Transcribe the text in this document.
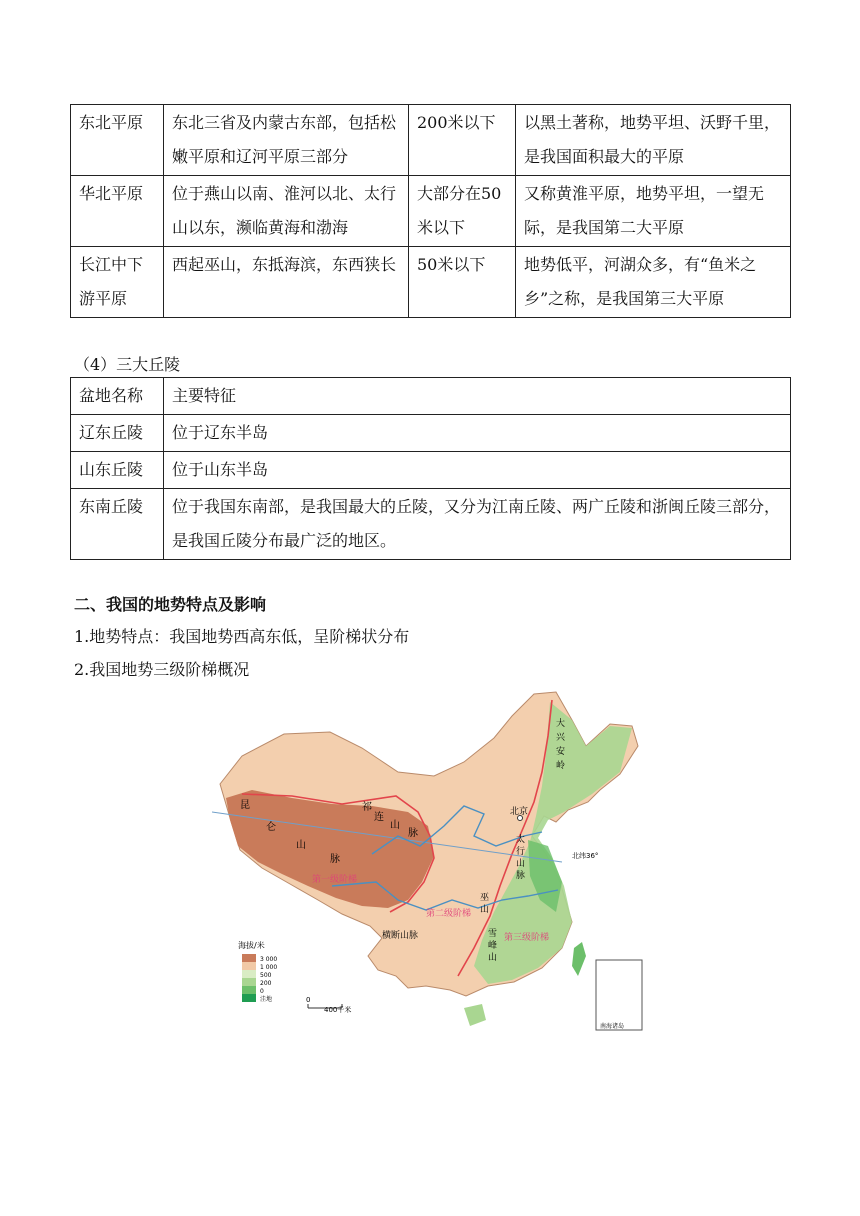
东北平原	东北三省及内蒙古东部，包括松嫩平原和辽河平原三部分	200米以下	以黑土著称，地势平坦、沃野千里，是我国面积最大的平原
华北平原	位于燕山以南、淮河以北、太行山以东，濒临黄海和渤海	大部分在50米以下	又称黄淮平原，地势平坦，一望无际，是我国第二大平原
长江中下游平原	西起巫山，东抵海滨，东西狭长	50米以下	地势低平，河湖众多，有“鱼米之乡”之称，是我国第三大平原
（4）三大丘陵
盆地名称	主要特征
辽东丘陵	位于辽东半岛
山东丘陵	位于山东半岛
东南丘陵	位于我国东南部，是我国最大的丘陵，又分为江南丘陵、两广丘陵和浙闽丘陵三部分，是我国丘陵分布最广泛的地区。
二、我国的地势特点及影响
1.地势特点：我国地势西高东低，呈阶梯状分布
2.我国地势三级阶梯概况
第一级阶梯
第二级阶梯
第三级阶梯
昆
仑
山
脉
祁
连
山
脉
大
兴
安
岭
太
行
山
脉
巫
山
雪
峰
山
横断山脉
北京
北纬36°
南海诸岛
海拔/米
3 000
1 000
500
200
0
洼地	0
400千米
